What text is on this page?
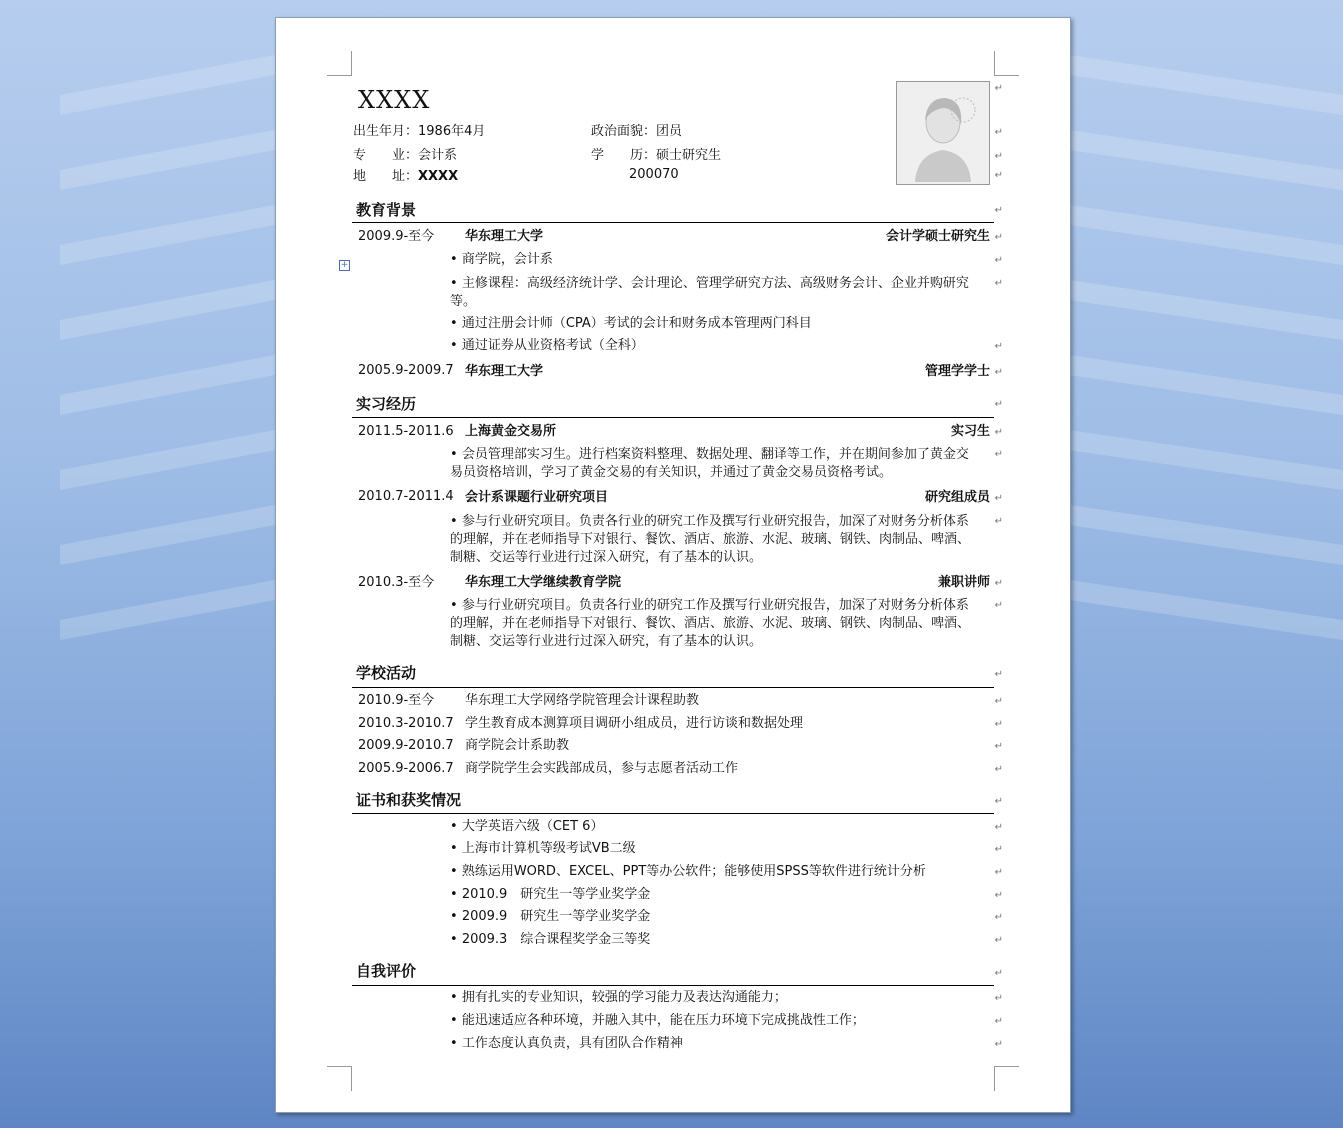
XXXX
出生年月：1986年4月	政治面貌：团员
专　　业：会计系	学　　历：硕士研究生
地　　址：XXXX	200070
教育背景
+
2009.9-至今 华东理工大学	会计学硕士研究生
• 商学院，会计系
• 主修课程：高级经济统计学、会计理论、管理学研究方法、高级财务会计、企业并购研究等。
• 通过注册会计师（CPA）考试的会计和财务成本管理两门科目
• 通过证券从业资格考试（全科）
2005.9-2009.7 华东理工大学	管理学学士
实习经历
2011.5-2011.6 上海黄金交易所	实习生
• 会员管理部实习生。进行档案资料整理、数据处理、翻译等工作，并在期间参加了黄金交易员资格培训，学习了黄金交易的有关知识，并通过了黄金交易员资格考试。
2010.7-2011.4 会计系课题行业研究项目	研究组成员
• 参与行业研究项目。负责各行业的研究工作及撰写行业研究报告，加深了对财务分析体系的理解，并在老师指导下对银行、餐饮、酒店、旅游、水泥、玻璃、钢铁、肉制品、啤酒、制糖、交运等行业进行过深入研究，有了基本的认识。
2010.3-至今 华东理工大学继续教育学院	兼职讲师
• 参与行业研究项目。负责各行业的研究工作及撰写行业研究报告，加深了对财务分析体系的理解，并在老师指导下对银行、餐饮、酒店、旅游、水泥、玻璃、钢铁、肉制品、啤酒、制糖、交运等行业进行过深入研究，有了基本的认识。
学校活动
2010.9-至今 华东理工大学网络学院管理会计课程助教
2010.3-2010.7 学生教育成本测算项目调研小组成员，进行访谈和数据处理
2009.9-2010.7 商学院会计系助教
2005.9-2006.7 商学院学生会实践部成员，参与志愿者活动工作
证书和获奖情况
• 大学英语六级（CET 6）
• 上海市计算机等级考试VB二级
• 熟练运用WORD、EXCEL、PPT等办公软件；能够使用SPSS等软件进行统计分析
• 2010.9　研究生一等学业奖学金
• 2009.9　研究生一等学业奖学金
• 2009.3　综合课程奖学金三等奖
自我评价
• 拥有扎实的专业知识，较强的学习能力及表达沟通能力；
• 能迅速适应各种环境，并融入其中，能在压力环境下完成挑战性工作；
• 工作态度认真负责，具有团队合作精神
↵
↵
↵
↵
↵
↵
↵
↵
↵
↵
↵
↵
↵
↵
↵
↵
↵
↵
↵
↵
↵
↵
↵
↵
↵
↵
↵
↵
↵
↵
↵
↵
↵
